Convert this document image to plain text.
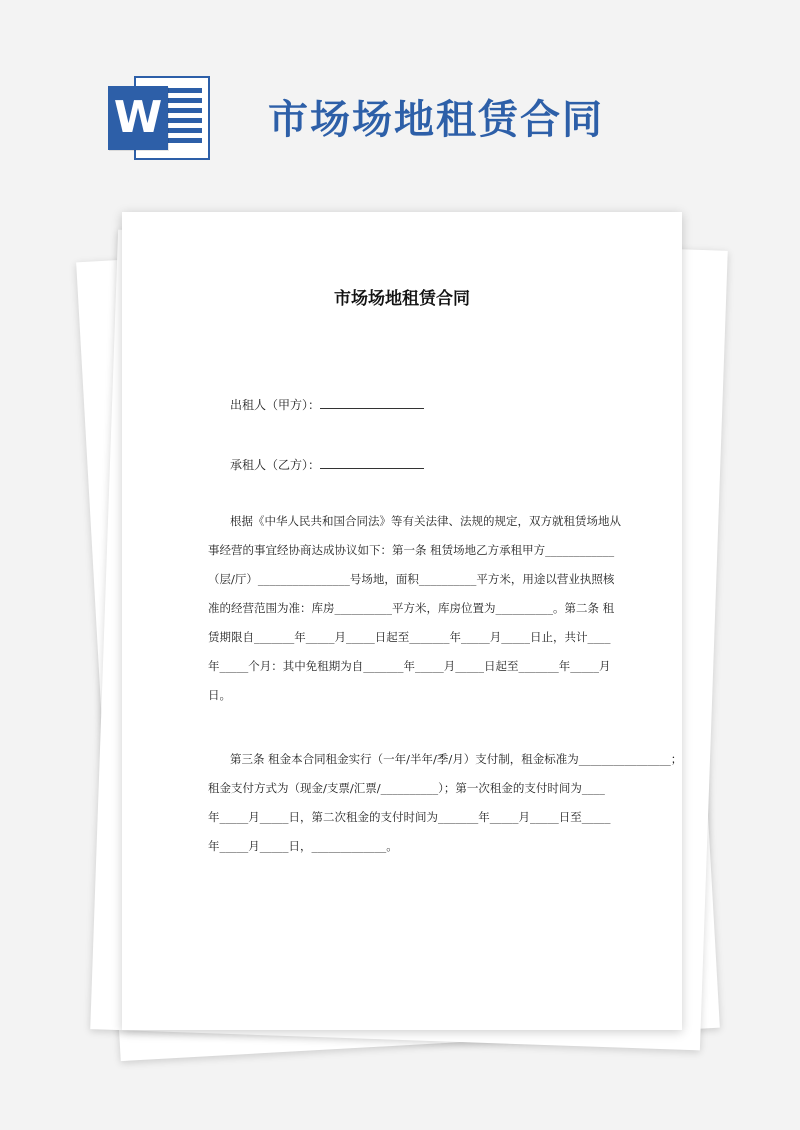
W	市场场地租赁合同
市场场地租赁合同
出租人（甲方）：
承租人（乙方）：
根据《中华人民共和国合同法》等有关法律、法规的规定，双方就租赁场地从
事经营的事宜经协商达成协议如下：第一条 租赁场地乙方承租甲方____________
（层/厅）________________号场地，面积__________平方米，用途以营业执照核
准的经营范围为准：库房__________平方米，库房位置为__________。第二条 租
赁期限自_______年_____月_____日起至_______年_____月_____日止，共计____
年_____个月：其中免租期为自_______年_____月_____日起至_______年_____月
日。
第三条 租金本合同租金实行（一年/半年/季/月）支付制，租金标准为________________；
租金支付方式为（现金/支票/汇票/__________）；第一次租金的支付时间为____
年_____月_____日，第二次租金的支付时间为_______年_____月_____日至_____
年_____月_____日，_____________。
